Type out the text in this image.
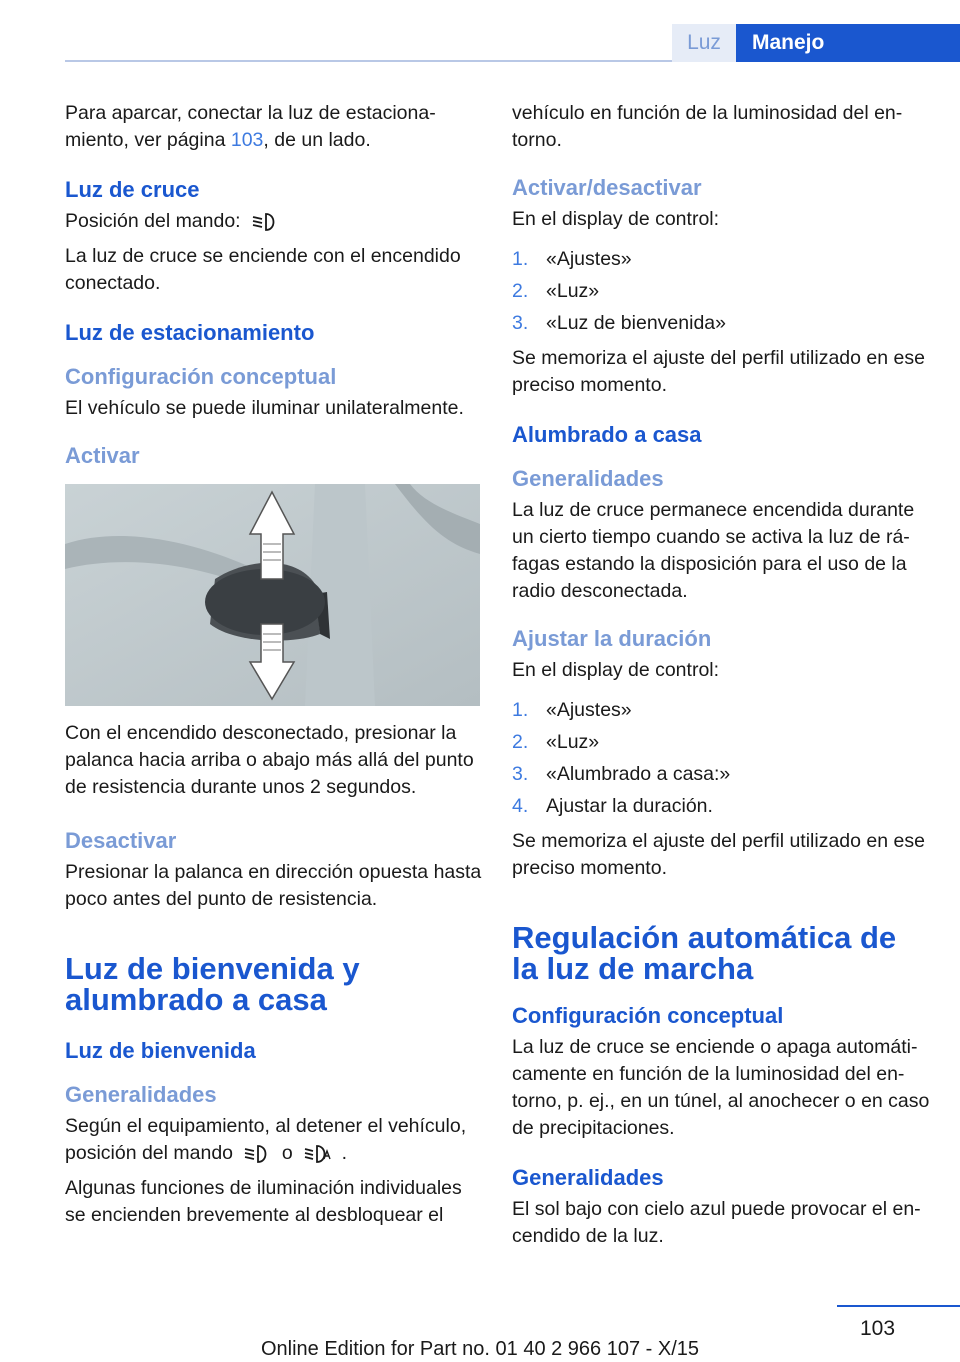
Luz	Manejo

Para aparcar, conectar la luz de estaciona‐miento, ver página 103, de un lado.

Luz de cruce

Posición del mando:

La luz de cruce se enciende con el encendido conectado.

Luz de estacionamiento
Configuración conceptual

El vehículo se puede iluminar unilateralmente.

Activar

Con el encendido desconectado, presionar la palanca hacia arriba o abajo más allá del punto de resistencia durante unos 2 segundos.

Desactivar

Presionar la palanca en dirección opuesta hasta poco antes del punto de resistencia.

Luz de bienvenida y alumbrado a casa
Luz de bienvenida
Generalidades

Según el equipamiento, al detener el vehículo, posición del mando	o	.

Algunas funciones de iluminación individuales se encienden brevemente al desbloquear el

vehículo en función de la luminosidad del en‐torno.

Activar/desactivar

En el display de control:

1. «Ajustes»
2. «Luz»
3. «Luz de bienvenida»

Se memoriza el ajuste del perfil utilizado en ese preciso momento.

Alumbrado a casa
Generalidades

La luz de cruce permanece encendida durante un cierto tiempo cuando se activa la luz de rá‐fagas estando la disposición para el uso de la radio desconectada.

Ajustar la duración

En el display de control:

1. «Ajustes»
2. «Luz»
3. «Alumbrado a casa:»
4. Ajustar la duración.

Se memoriza el ajuste del perfil utilizado en ese preciso momento.

Regulación automática de la luz de marcha
Configuración conceptual

La luz de cruce se enciende o apaga automáti‐camente en función de la luminosidad del en‐torno, p. ej., en un túnel, al anochecer o en caso de precipitaciones.

Generalidades

El sol bajo con cielo azul puede provocar el en‐cendido de la luz.

103
Online Edition for Part no. 01 40 2 966 107 - X/15
